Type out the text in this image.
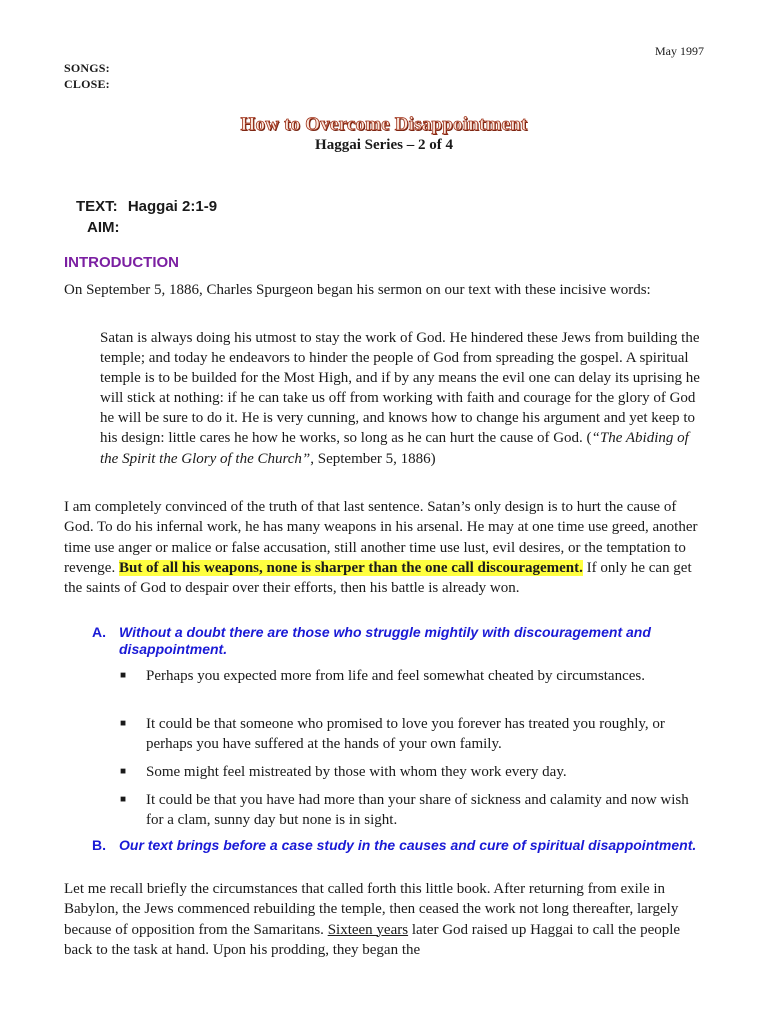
May 1997
SONGS:
CLOSE:
How to Overcome Disappointment
Haggai Series – 2 of 4
TEXT: Haggai 2:1-9
AIM:
INTRODUCTION
On September 5, 1886, Charles Spurgeon began his sermon on our text with these incisive words:
Satan is always doing his utmost to stay the work of God. He hindered these Jews from building the temple; and today he endeavors to hinder the people of God from spreading the gospel. A spiritual temple is to be builded for the Most High, and if by any means the evil one can delay its uprising he will stick at nothing: if he can take us off from working with faith and courage for the glory of God he will be sure to do it. He is very cunning, and knows how to change his argument and yet keep to his design: little cares he how he works, so long as he can hurt the cause of God. (“The Abiding of the Spirit the Glory of the Church”, September 5, 1886)
I am completely convinced of the truth of that last sentence. Satan’s only design is to hurt the cause of God. To do his infernal work, he has many weapons in his arsenal. He may at one time use greed, another time use anger or malice or false accusation, still another time use lust, evil desires, or the temptation to revenge. But of all his weapons, none is sharper than the one call discouragement. If only he can get the saints of God to despair over their efforts, then his battle is already won.
A. Without a doubt there are those who struggle mightily with discouragement and disappointment.
■ Perhaps you expected more from life and feel somewhat cheated by circumstances.
■ It could be that someone who promised to love you forever has treated you roughly, or perhaps you have suffered at the hands of your own family.
■ Some might feel mistreated by those with whom they work every day.
■ It could be that you have had more than your share of sickness and calamity and now wish for a clam, sunny day but none is in sight.
B. Our text brings before a case study in the causes and cure of spiritual disappointment.
Let me recall briefly the circumstances that called forth this little book. After returning from exile in Babylon, the Jews commenced rebuilding the temple, then ceased the work not long thereafter, largely because of opposition from the Samaritans. Sixteen years later God raised up Haggai to call the people back to the task at hand. Upon his prodding, they began the
